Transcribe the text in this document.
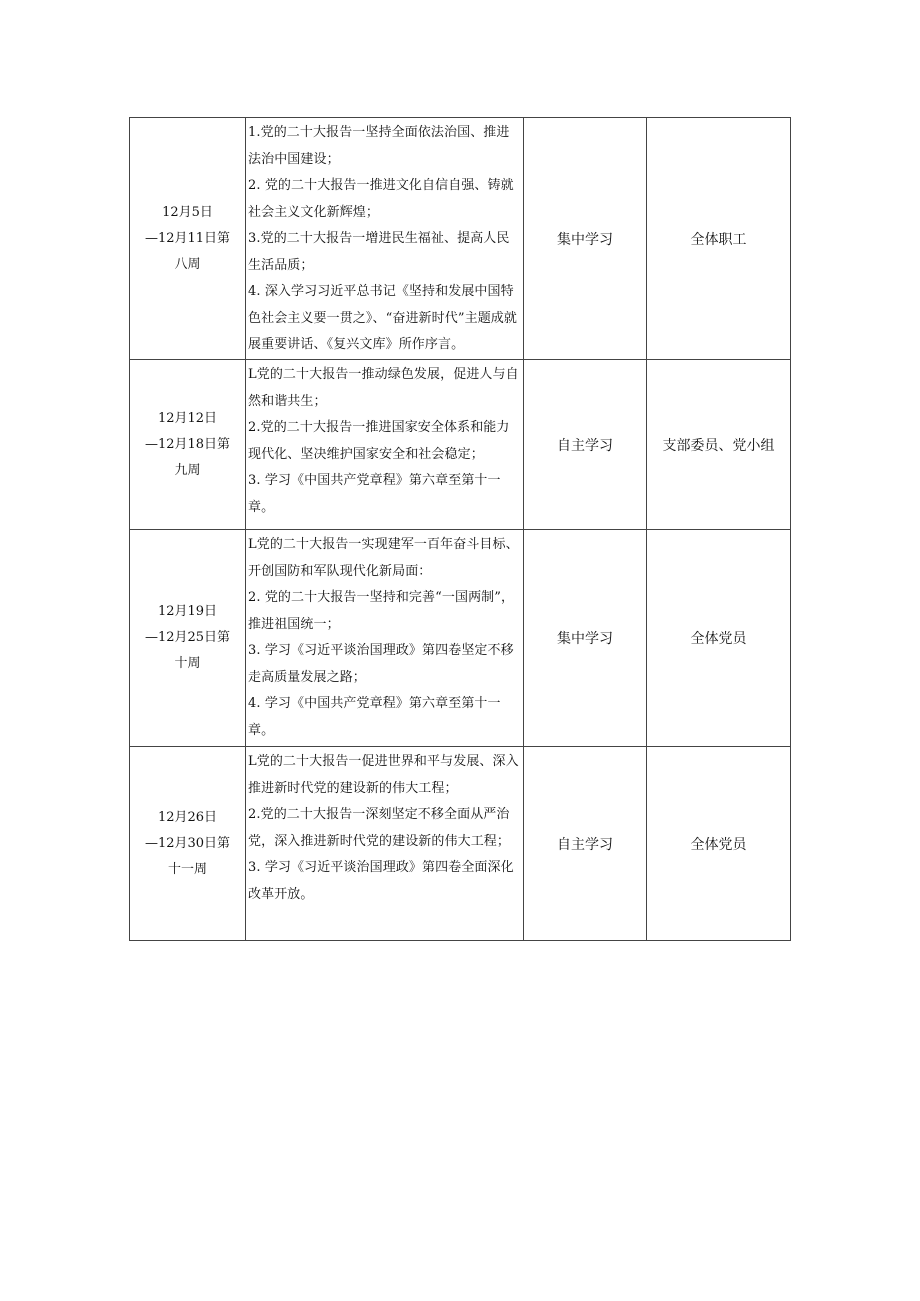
12月5日
—12月11日第
八周	1.党的二十大报告一坚持全面依法治国、推进法治中国建设；
2. 党的二十大报告一推进文化自信自强、铸就社会主义文化新辉煌；
3.党的二十大报告一增进民生福祉、提高人民生活品质；
4. 深入学习习近平总书记《坚持和发展中国特色社会主义要一贯之》、“奋进新时代”主题成就展重要讲话、《复兴文库》所作序言。	集中学习	全体职工

12月12日
—12月18日第
九周	L党的二十大报告一推动绿色发展，促进人与自然和谐共生；
2.党的二十大报告一推进国家安全体系和能力现代化、坚决维护国家安全和社会稳定；
3. 学习《中国共产党章程》第六章至第十一章。	自主学习	支部委员、党小组

12月19日
—12月25日第
十周	L党的二十大报告一实现建军一百年奋斗目标、开创国防和军队现代化新局面：
2. 党的二十大报告一坚持和完善“一国两制”，推进祖国统一；
3. 学习《习近平谈治国理政》第四卷坚定不移走高质量发展之路；
4. 学习《中国共产党章程》第六章至第十一章。	集中学习	全体党员

12月26日
—12月30日第
十一周	L党的二十大报告一促进世界和平与发展、深入推进新时代党的建设新的伟大工程；
2.党的二十大报告一深刻坚定不移全面从严治党，深入推进新时代党的建设新的伟大工程；
3. 学习《习近平谈治国理政》第四卷全面深化改革开放。	自主学习	全体党员
